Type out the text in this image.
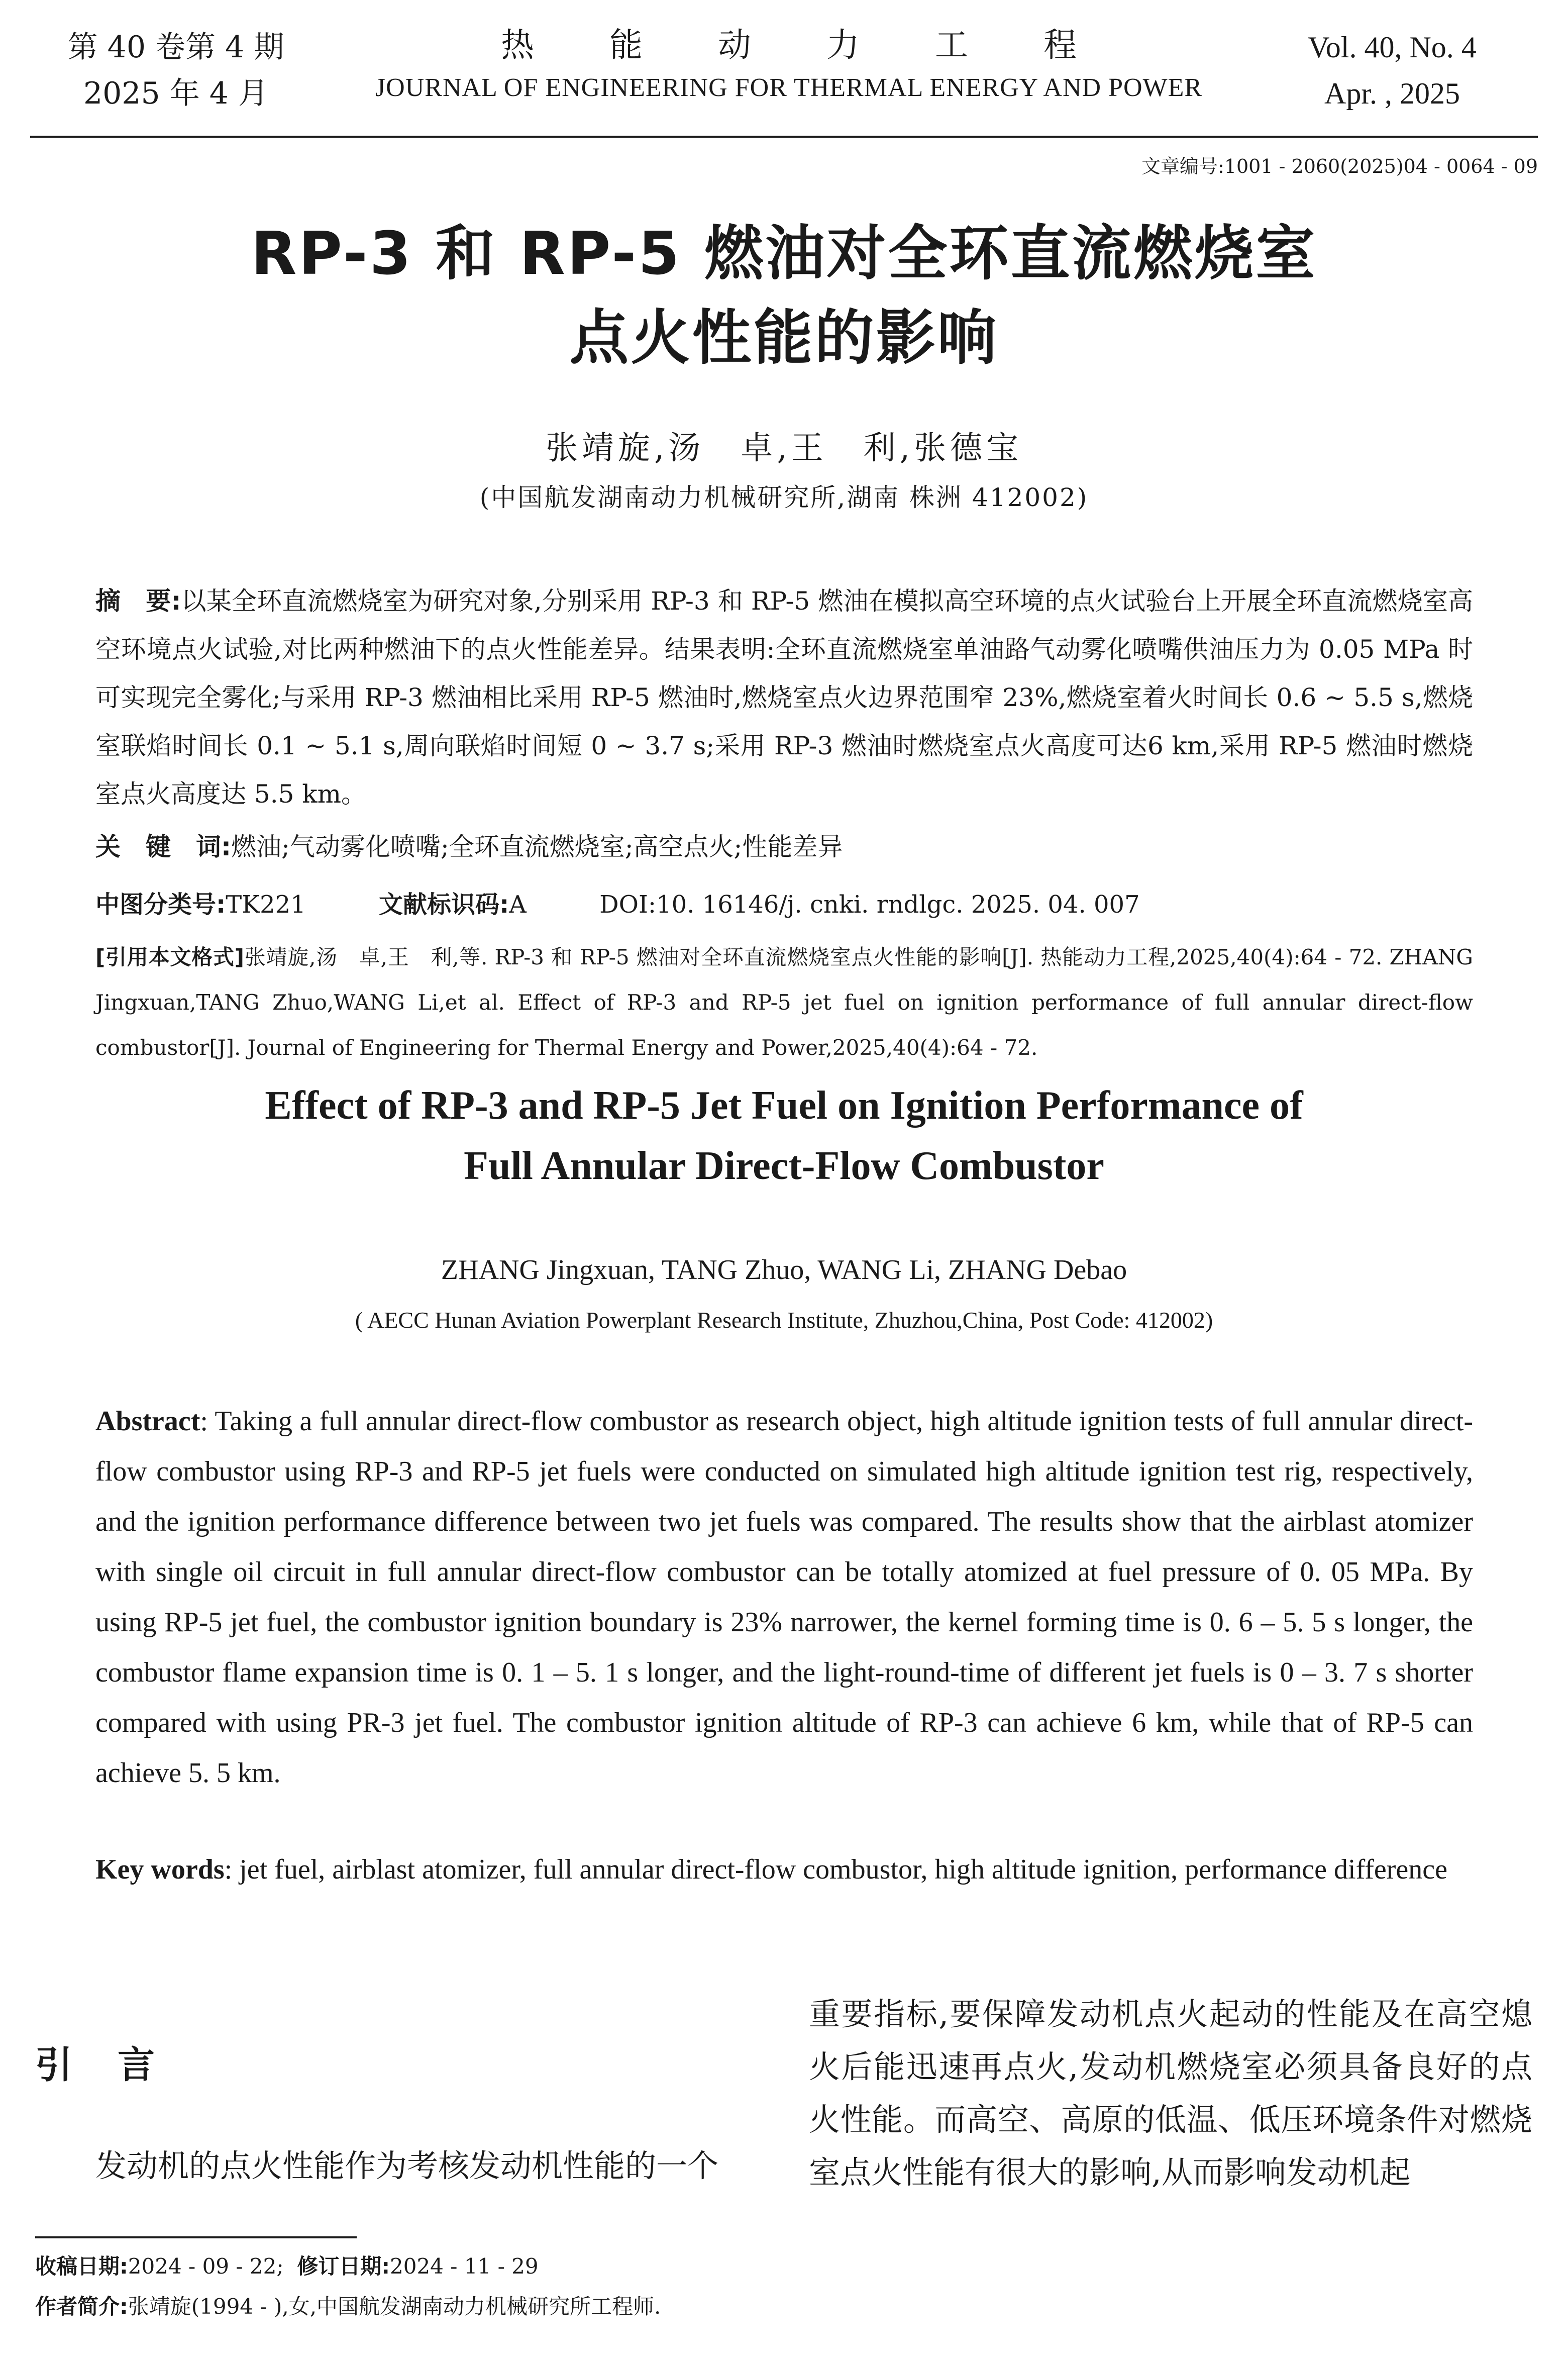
第 40 卷第 4 期
2025 年 4 月
热能动力工程
JOURNAL OF ENGINEERING FOR THERMAL ENERGY AND POWER
Vol. 40, No. 4
Apr. , 2025
文章编号:1001 - 2060(2025)04 - 0064 - 09
RP-3 和 RP-5 燃油对全环直流燃烧室
点火性能的影响
张靖旋,汤　卓,王　利,张德宝
(中国航发湖南动力机械研究所,湖南 株洲 412002)
摘　要:以某全环直流燃烧室为研究对象,分别采用 RP-3 和 RP-5 燃油在模拟高空环境的点火试验台上开展全环直流燃烧室高空环境点火试验,对比两种燃油下的点火性能差异。结果表明:全环直流燃烧室单油路气动雾化喷嘴供油压力为 0.05 MPa 时可实现完全雾化;与采用 RP-3 燃油相比采用 RP-5 燃油时,燃烧室点火边界范围窄 23%,燃烧室着火时间长 0.6 ~ 5.5 s,燃烧室联焰时间长 0.1 ~ 5.1 s,周向联焰时间短 0 ~ 3.7 s;采用 RP-3 燃油时燃烧室点火高度可达6 km,采用 RP-5 燃油时燃烧室点火高度达 5.5 km。
关　键　词:燃油;气动雾化喷嘴;全环直流燃烧室;高空点火;性能差异
中图分类号:TK221	文献标识码:A	DOI:10. 16146/j. cnki. rndlgc. 2025. 04. 007
[引用本文格式]张靖旋,汤　卓,王　利,等. RP-3 和 RP-5 燃油对全环直流燃烧室点火性能的影响[J]. 热能动力工程,2025,40(4):64 - 72. ZHANG Jingxuan,TANG Zhuo,WANG Li,et al. Effect of RP-3 and RP-5 jet fuel on ignition performance of full annular direct-flow combustor[J]. Journal of Engineering for Thermal Energy and Power,2025,40(4):64 - 72.
Effect of RP-3 and RP-5 Jet Fuel on Ignition Performance of
Full Annular Direct-Flow Combustor
ZHANG Jingxuan, TANG Zhuo, WANG Li, ZHANG Debao
( AECC Hunan Aviation Powerplant Research Institute, Zhuzhou,China, Post Code: 412002)
Abstract: Taking a full annular direct-flow combustor as research object, high altitude ignition tests of full annular direct-flow combustor using RP-3 and RP-5 jet fuels were conducted on simulated high altitude ignition test rig, respectively, and the ignition performance difference between two jet fuels was compared. The results show that the airblast atomizer with single oil circuit in full annular direct-flow combustor can be totally atomized at fuel pressure of 0. 05 MPa. By using RP-5 jet fuel, the combustor ignition boundary is 23% narrower, the kernel forming time is 0. 6 – 5. 5 s longer, the combustor flame expansion time is 0. 1 – 5. 1 s longer, and the light-round-time of different jet fuels is 0 – 3. 7 s shorter compared with using PR-3 jet fuel. The combustor ignition altitude of RP-3 can achieve 6 km, while that of RP-5 can achieve 5. 5 km.
Key words: jet fuel, airblast atomizer, full annular direct-flow combustor, high altitude ignition, performance difference
引言
发动机的点火性能作为考核发动机性能的一个
重要指标,要保障发动机点火起动的性能及在高空熄火后能迅速再点火,发动机燃烧室必须具备良好的点火性能。而高空、高原的低温、低压环境条件对燃烧室点火性能有很大的影响,从而影响发动机起
收稿日期:2024 - 09 - 22; 修订日期:2024 - 11 - 29
作者简介:张靖旋(1994 - ),女,中国航发湖南动力机械研究所工程师.
